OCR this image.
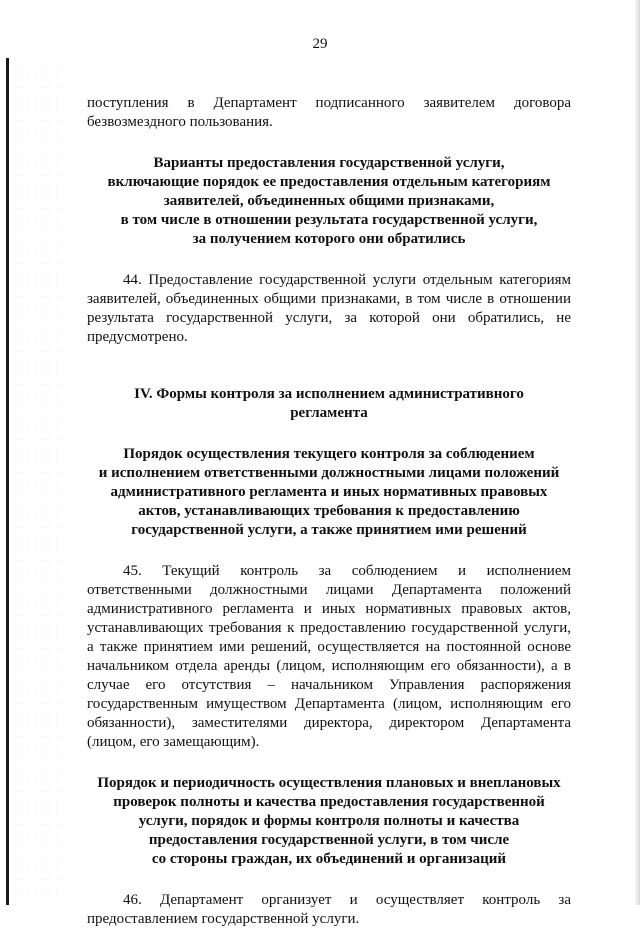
29

поступления в Департамент подписанного заявителем договора безвозмездного пользования.

Варианты предоставления государственной услуги,
включающие порядок ее предоставления отдельным категориям
заявителей, объединенных общими признаками,
в том числе в отношении результата государственной услуги,
за получением которого они обратились

44. Предоставление государственной услуги отдельным категориям заявителей, объединенных общими признаками, в том числе в отношении результата государственной услуги, за которой они обратились, не предусмотрено.

IV. Формы контроля за исполнением административного
регламента
Порядок осуществления текущего контроля за соблюдением
и исполнением ответственными должностными лицами положений
административного регламента и иных нормативных правовых
актов, устанавливающих требования к предоставлению
государственной услуги, а также принятием ими решений

45. Текущий контроль за соблюдением и исполнением ответственными должностными лицами Департамента положений административного регламента и иных нормативных правовых актов, устанавливающих требования к предоставлению государственной услуги, а также принятием ими решений, осуществляется на постоянной основе начальником отдела аренды (лицом, исполняющим его обязанности), а в случае его отсутствия – начальником Управления распоряжения государственным имуществом Департамента (лицом, исполняющим его обязанности), заместителями директора, директором Департамента (лицом, его замещающим).

Порядок и периодичность осуществления плановых и внеплановых
проверок полноты и качества предоставления государственной
услуги, порядок и формы контроля полноты и качества
предоставления государственной услуги, в том числе
со стороны граждан, их объединений и организаций

46. Департамент организует и осуществляет контроль за предоставлением государственной услуги.
